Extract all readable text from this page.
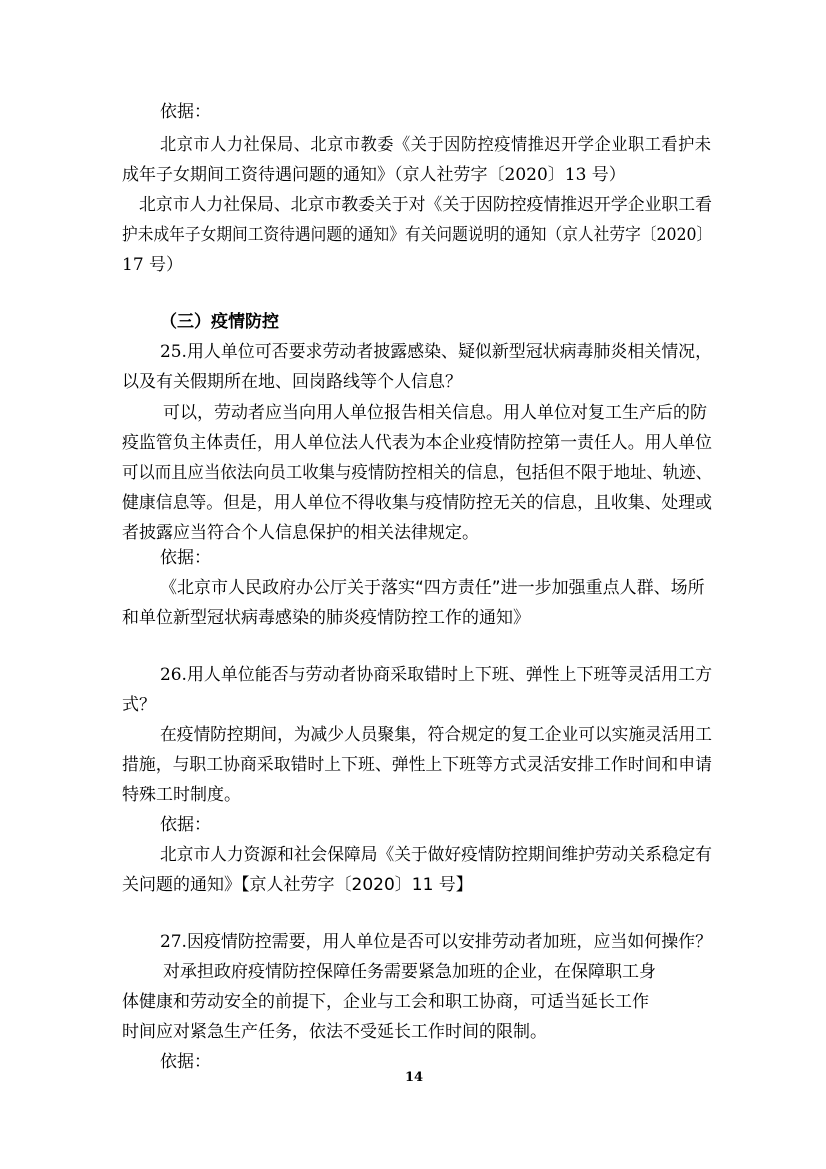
依据：
北京市人力社保局、北京市教委《关于因防控疫情推迟开学企业职工看护未
成年子女期间工资待遇问题的通知》（京人社劳字〔2020〕13 号）
北京市人力社保局、北京市教委关于对《关于因防控疫情推迟开学企业职工看
护未成年子女期间工资待遇问题的通知》有关问题说明的通知（京人社劳字〔2020〕
17 号）
（三）疫情防控
25.用人单位可否要求劳动者披露感染、疑似新型冠状病毒肺炎相关情况，
以及有关假期所在地、回岗路线等个人信息？
可以，劳动者应当向用人单位报告相关信息。用人单位对复工生产后的防
疫监管负主体责任，用人单位法人代表为本企业疫情防控第一责任人。用人单位
可以而且应当依法向员工收集与疫情防控相关的信息，包括但不限于地址、轨迹、
健康信息等。但是，用人单位不得收集与疫情防控无关的信息，且收集、处理或
者披露应当符合个人信息保护的相关法律规定。
依据：
《北京市人民政府办公厅关于落实“四方责任”进一步加强重点人群、场所
和单位新型冠状病毒感染的肺炎疫情防控工作的通知》
26.用人单位能否与劳动者协商采取错时上下班、弹性上下班等灵活用工方
式？
在疫情防控期间，为减少人员聚集，符合规定的复工企业可以实施灵活用工
措施，与职工协商采取错时上下班、弹性上下班等方式灵活安排工作时间和申请
特殊工时制度。
依据：
北京市人力资源和社会保障局《关于做好疫情防控期间维护劳动关系稳定有
关问题的通知》【京人社劳字〔2020〕11 号】
27.因疫情防控需要，用人单位是否可以安排劳动者加班，应当如何操作？
对承担政府疫情防控保障任务需要紧急加班的企业，在保障职工身
体健康和劳动安全的前提下，企业与工会和职工协商，可适当延长工作
时间应对紧急生产任务，依法不受延长工作时间的限制。
依据：
14
